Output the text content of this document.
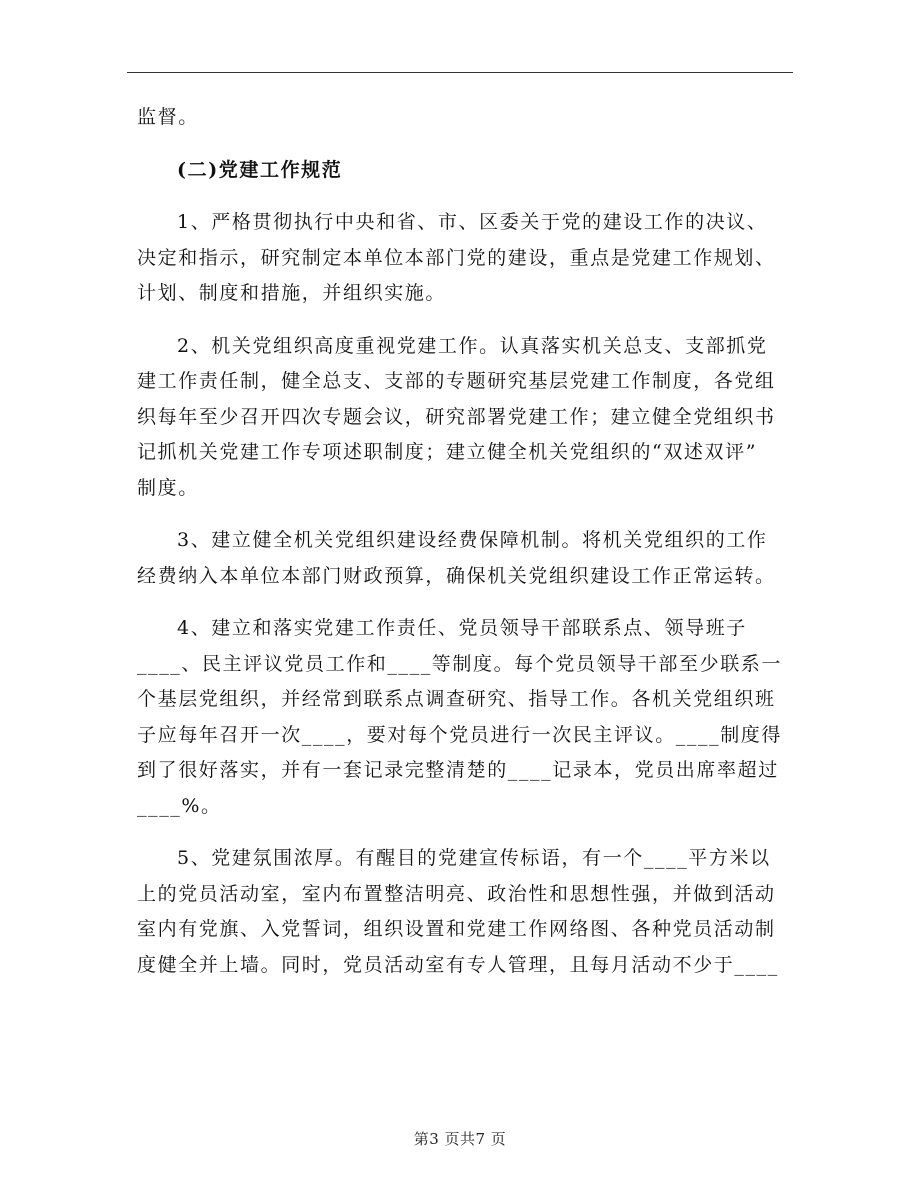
监督。
(二)党建工作规范
1、严格贯彻执行中央和省、市、区委关于党的建设工作的决议、
决定和指示，研究制定本单位本部门党的建设，重点是党建工作规划、
计划、制度和措施，并组织实施。
2、机关党组织高度重视党建工作。认真落实机关总支、支部抓党
建工作责任制，健全总支、支部的专题研究基层党建工作制度，各党组
织每年至少召开四次专题会议，研究部署党建工作；建立健全党组织书
记抓机关党建工作专项述职制度；建立健全机关党组织的“双述双评”
制度。
3、建立健全机关党组织建设经费保障机制。将机关党组织的工作
经费纳入本单位本部门财政预算，确保机关党组织建设工作正常运转。
4、建立和落实党建工作责任、党员领导干部联系点、领导班子
____、民主评议党员工作和____等制度。每个党员领导干部至少联系一
个基层党组织，并经常到联系点调查研究、指导工作。各机关党组织班
子应每年召开一次____，要对每个党员进行一次民主评议。____制度得
到了很好落实，并有一套记录完整清楚的____记录本，党员出席率超过
____%。
5、党建氛围浓厚。有醒目的党建宣传标语，有一个____平方米以
上的党员活动室，室内布置整洁明亮、政治性和思想性强，并做到活动
室内有党旗、入党誓词，组织设置和党建工作网络图、各种党员活动制
度健全并上墙。同时，党员活动室有专人管理，且每月活动不少于____
第3 页共7 页
